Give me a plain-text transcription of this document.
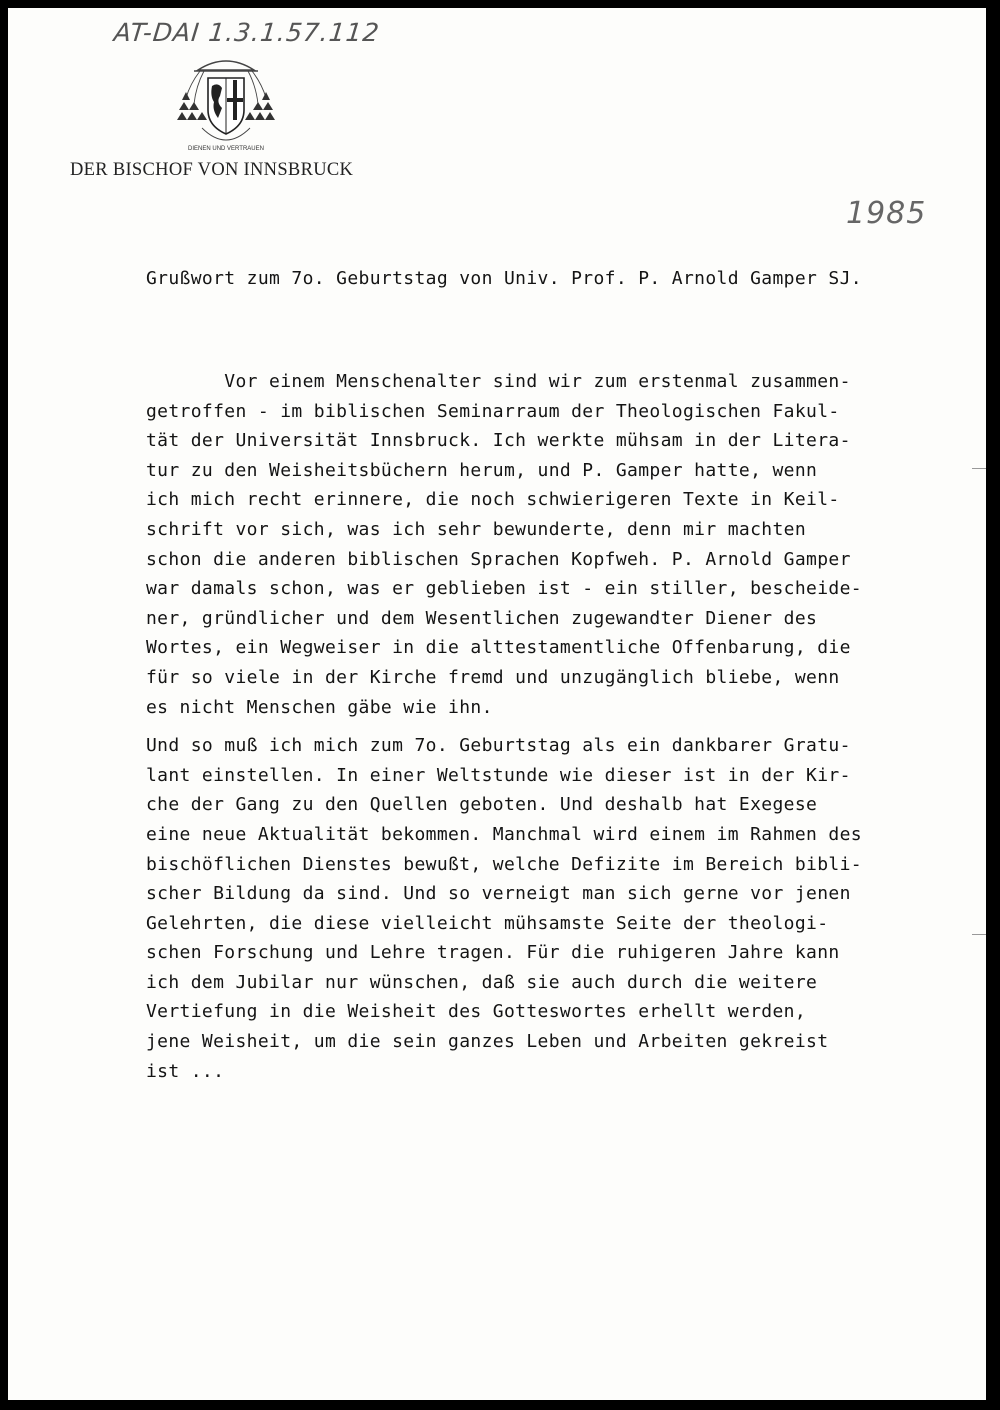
AT-DAI 1.3.1.57.112
DIENEN UND VERTRAUEN
DER BISCHOF VON INNSBRUCK
1985
Grußwort zum 7o. Geburtstag von Univ. Prof. P. Arnold Gamper SJ.

Vor einem Menschenalter sind wir zum erstenmal zusammen-
getroffen - im biblischen Seminarraum der Theologischen Fakul-
tät der Universität Innsbruck. Ich werkte mühsam in der Litera-
tur zu den Weisheitsbüchern herum, und P. Gamper hatte, wenn
ich mich recht erinnere, die noch schwierigeren Texte in Keil-
schrift vor sich, was ich sehr bewunderte, denn mir machten
schon die anderen biblischen Sprachen Kopfweh. P. Arnold Gamper
war damals schon, was er geblieben ist - ein stiller, bescheide-
ner, gründlicher und dem Wesentlichen zugewandter Diener des
Wortes, ein Wegweiser in die alttestamentliche Offenbarung, die
für so viele in der Kirche fremd und unzugänglich bliebe, wenn
es nicht Menschen gäbe wie ihn.

Und so muß ich mich zum 7o. Geburtstag als ein dankbarer Gratu-
lant einstellen. In einer Weltstunde wie dieser ist in der Kir-
che der Gang zu den Quellen geboten. Und deshalb hat Exegese
eine neue Aktualität bekommen. Manchmal wird einem im Rahmen des
bischöflichen Dienstes bewußt, welche Defizite im Bereich bibli-
scher Bildung da sind. Und so verneigt man sich gerne vor jenen
Gelehrten, die diese vielleicht mühsamste Seite der theologi-
schen Forschung und Lehre tragen. Für die ruhigeren Jahre kann
ich dem Jubilar nur wünschen, daß sie auch durch die weitere
Vertiefung in die Weisheit des Gotteswortes erhellt werden,
jene Weisheit, um die sein ganzes Leben und Arbeiten gekreist
ist ...
